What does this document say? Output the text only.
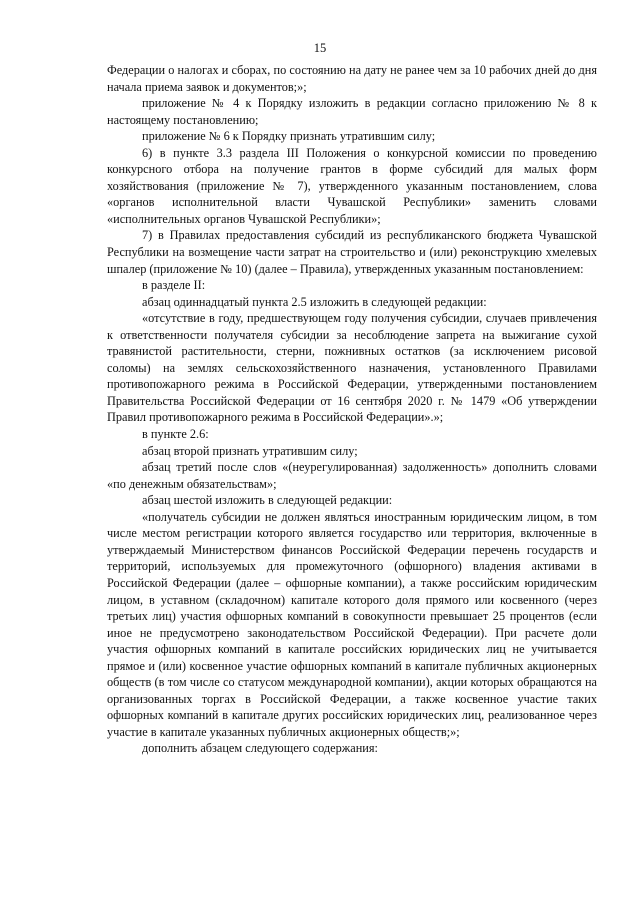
15

Федерации о налогах и сборах, по состоянию на дату не ранее чем за 10 рабочих дней до дня начала приема заявок и документов;»;

приложение № 4 к Порядку изложить в редакции согласно приложению № 8 к настоящему постановлению;

приложение № 6 к Порядку признать утратившим силу;

6) в пункте 3.3 раздела III Положения о конкурсной комиссии по проведению конкурсного отбора на получение грантов в форме субсидий для малых форм хозяйствования (приложение № 7), утвержденного указанным постановлением, слова «органов исполнительной власти Чувашской Республики» заменить словами «исполнительных органов Чувашской Республики»;

7) в Правилах предоставления субсидий из республиканского бюджета Чувашской Республики на возмещение части затрат на строительство и (или) реконструкцию хмелевых шпалер (приложение № 10) (далее – Правила), утвержденных указанным постановлением:

в разделе II:

абзац одиннадцатый пункта 2.5 изложить в следующей редакции:

«отсутствие в году, предшествующем году получения субсидии, случаев привлечения к ответственности получателя субсидии за несоблюдение запрета на выжигание сухой травянистой растительности, стерни, пожнивных остатков (за исключением рисовой соломы) на землях сельскохозяйственного назначения, установленного Правилами противопожарного режима в Российской Федерации, утвержденными постановлением Правительства Российской Федерации от 16 сентября 2020 г. № 1479 «Об утверждении Правил противопожарного режима в Российской Федерации».»;

в пункте 2.6:

абзац второй признать утратившим силу;

абзац третий после слов «(неурегулированная) задолженность» дополнить словами «по денежным обязательствам»;

абзац шестой изложить в следующей редакции:

«получатель субсидии не должен являться иностранным юридическим лицом, в том числе местом регистрации которого является государство или территория, включенные в утверждаемый Министерством финансов Российской Федерации перечень государств и территорий, используемых для промежуточного (офшорного) владения активами в Российской Федерации (далее – офшорные компании), а также российским юридическим лицом, в уставном (складочном) капитале которого доля прямого или косвенного (через третьих лиц) участия офшорных компаний в совокупности превышает 25 процентов (если иное не предусмотрено законодательством Российской Федерации). При расчете доли участия офшорных компаний в капитале российских юридических лиц не учитывается прямое и (или) косвенное участие офшорных компаний в капитале публичных акционерных обществ (в том числе со статусом международной компании), акции которых обращаются на организованных торгах в Российской Федерации, а также косвенное участие таких офшорных компаний в капитале других российских юридических лиц, реализованное через участие в капитале указанных публичных акционерных обществ;»;

дополнить абзацем следующего содержания:
